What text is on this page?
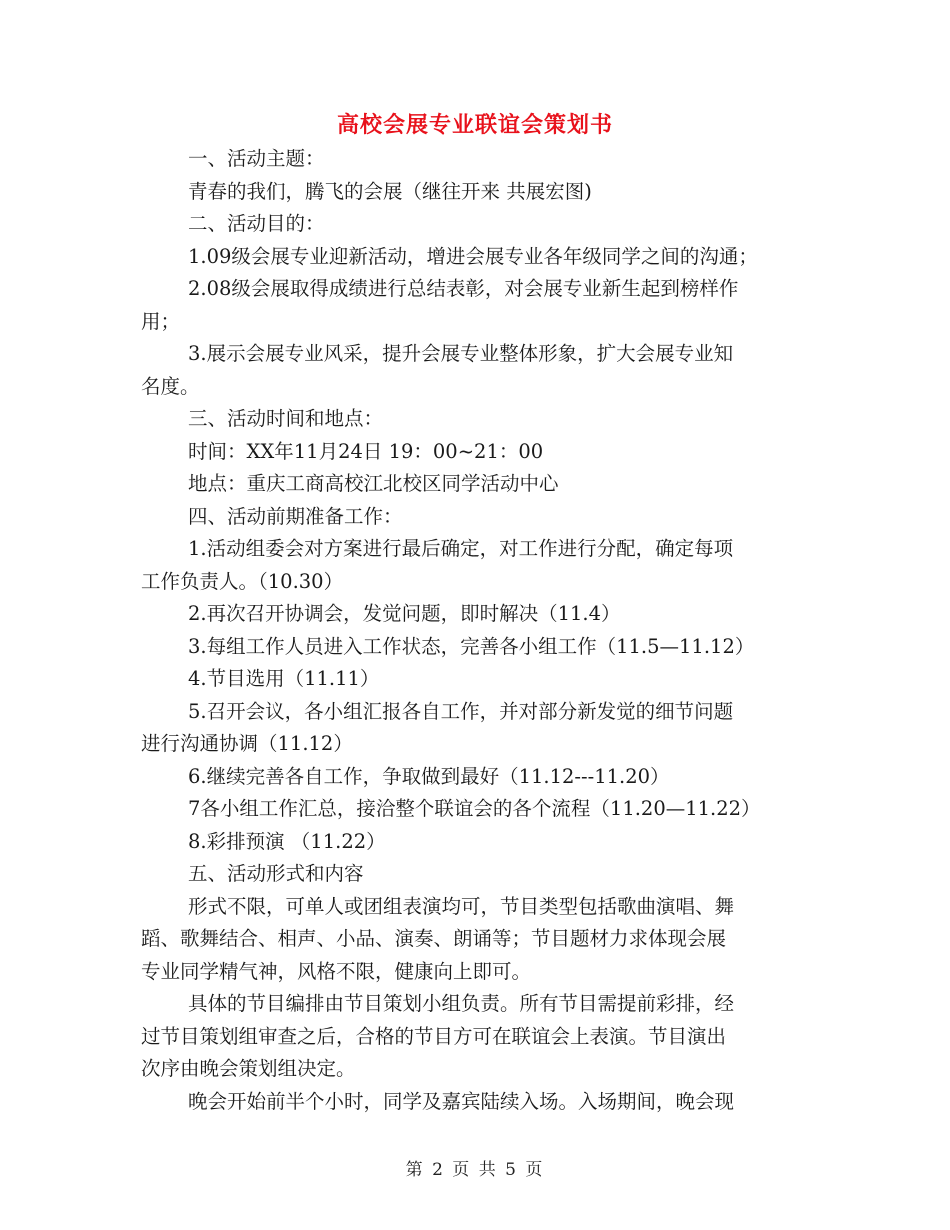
高校会展专业联谊会策划书

一、活动主题：

青春的我们，腾飞的会展（继往开来 共展宏图)

二、活动目的：

1.09级会展专业迎新活动，增进会展专业各年级同学之间的沟通；

2.08级会展取得成绩进行总结表彰，对会展专业新生起到榜样作

用；

3.展示会展专业风采，提升会展专业整体形象，扩大会展专业知

名度。

三、活动时间和地点：

时间：XX年11月24日 19：00~21：00

地点：重庆工商高校江北校区同学活动中心

四、活动前期准备工作：

1.活动组委会对方案进行最后确定，对工作进行分配，确定每项

工作负责人。（10.30）

2.再次召开协调会，发觉问题，即时解决（11.4）

3.每组工作人员进入工作状态，完善各小组工作（11.5—11.12）

4.节目选用（11.11）

5.召开会议，各小组汇报各自工作，并对部分新发觉的细节问题

进行沟通协调（11.12）

6.继续完善各自工作，争取做到最好（11.12---11.20）

7各小组工作汇总，接洽整个联谊会的各个流程（11.20—11.22）

8.彩排预演 （11.22）

五、活动形式和内容

形式不限，可单人或团组表演均可，节目类型包括歌曲演唱、舞

蹈、歌舞结合、相声、小品、演奏、朗诵等；节目题材力求体现会展

专业同学精气神，风格不限，健康向上即可。

具体的节目编排由节目策划小组负责。所有节目需提前彩排，经

过节目策划组审查之后，合格的节目方可在联谊会上表演。节目演出

次序由晚会策划组决定。

晚会开始前半个小时，同学及嘉宾陆续入场。入场期间，晚会现

第 2 页 共 5 页
